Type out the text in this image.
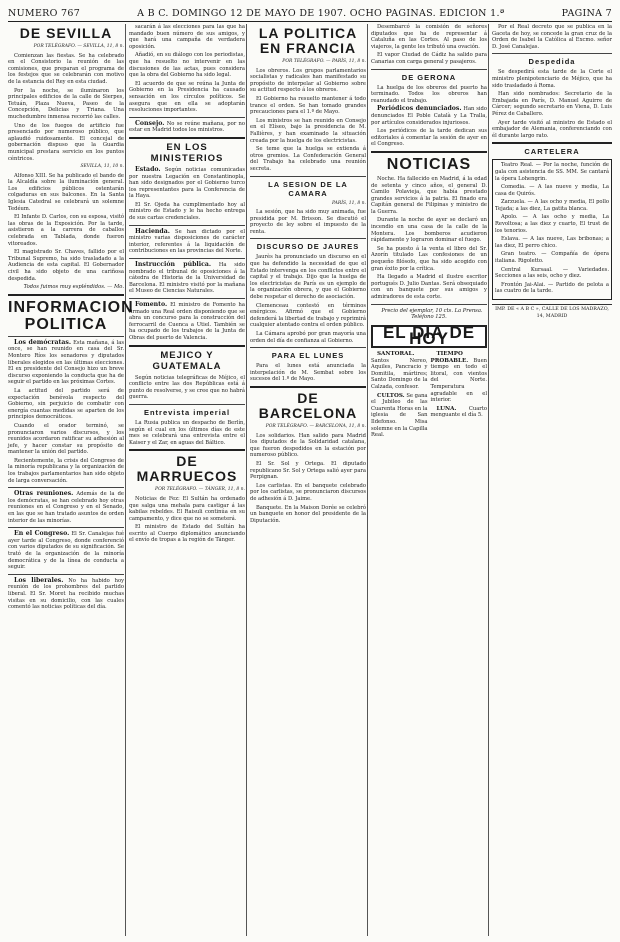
NUMERO 767	A B C. DOMINGO 12 DE MAYO DE 1907. OCHO PAGINAS. EDICION 1.ª	PAGINA 7
DE SEVILLA
POR TELÉGRAFO. — SEVILLA, 11, 8 n.

Comienzan las fiestas. Se ha celebrado en el Consistorio la reunión de las comisiones, que preparan el programa de los festejos que se celebrarán con motivo de la estancia del Rey en esta ciudad.

Por la noche, se iluminaron los principales edificios de la calle de Sierpes, Tetuán, Plaza Nueva, Paseo de la Concepción, Delicias y Triana. Una muchedumbre inmensa recorrió las calles.

Uno de los fuegos de artificio fue presenciado por numeroso público, que aplaudió ruidosamente. El concejal de gobernación dispuso que la Guardia municipal prestara servicio en los puntos céntricos.

SEVILLA, 11, 10 n.

Alfonso XIII. Se ha publicado el bando de la Alcaldía sobre la iluminación general. Los edificios públicos ostentarán colgaduras en sus balcones. En la Santa Iglesia Catedral se celebrará un solemne Tedéum.

El Infante D. Carlos, con su esposa, visitó las obras de la Exposición. Por la tarde, asistieron a la carrera de caballos celebrada en Tablada, donde fueron vitoreados.

El magistrado Sr. Chaves, fallido por el Tribunal Supremo, ha sido trasladado a la Audiencia de esta capital. El Gobernador civil ha sido objeto de una cariñosa despedida.

Todos fuimos muy espléndidos. — Mo.
INFORMACION POLITICA

Los demócratas. Esta mañana, á las once, se han reunido en casa del Sr. Montero Ríos los senadores y diputados liberales elegidos en las últimas elecciones. El ex presidente del Consejo hizo un breve discurso exponiendo la conducta que ha de seguir el partido en las próximas Cortes.

La actitud del partido será de expectación benévola respecto del Gobierno, sin perjuicio de combatir con energía cuantas medidas se aparten de los principios democráticos.

Cuando el orador terminó, se pronunciaron varios discursos, y los reunidos acordaron ratificar su adhesión al jefe, y hacer constar su propósito de mantener la unión del partido.

Recientemente, la crisis del Congreso de la minoría republicana y la organización de los trabajos parlamentarios han sido objeto de larga conversación.

Otras reuniones. Además de la de los demócratas, se han celebrado hoy otras reuniones en el Congreso y en el Senado, en las que se han tratado asuntos de orden interior de las minorías.

En el Congreso. El Sr. Canalejas fué ayer tarde al Congreso, donde conferenció con varios diputados de su significación. Se trató de la organización de la minoría democrática y de la línea de conducta a seguir.

Los liberales. No ha habido hoy reunión de los prohombres del partido liberal. El Sr. Moret ha recibido muchas visitas en su domicilio, con las cuales comentó las noticias políticas del día.

sacarán á las elecciones para las que ha mandado buen número de sus amigos, y que hará una campaña de verdadera oposición.

Añadió, en su diálogo con los periodistas, que ha resuelto no intervenir en las discusiones de las actas, pues considera que la obra del Gobierno ha sido legal.

El acuerdo de que se reúna la Junta de Gobierno en la Presidencia ha causado sensación en los círculos políticos. Se asegura que en ella se adoptarán resoluciones importantes.

Consejo. No se reúne mañana, por no estar en Madrid todos los ministros.

EN LOS MINISTERIOS

Estado. Según noticias comunicadas por nuestra Legación en Constantinopla, han sido designados por el Gobierno turco los representantes para la Conferencia de la Haya.

El Sr. Ojeda ha cumplimentado hoy al ministro de Estado y le ha hecho entrega de sus cartas credenciales.

Hacienda. Se han dictado por el ministro varias disposiciones de carácter interior, referentes á la liquidación de contribuciones en las provincias del Norte.

Instrucción pública. Ha sido nombrado el tribunal de oposiciones á la cátedra de Historia de la Universidad de Barcelona. El ministro visitó por la mañana el Museo de Ciencias Naturales.

Fomento. El ministro de Fomento ha firmado una Real orden disponiendo que se abra un concurso para la construcción del ferrocarril de Cuenca a Utiel. También se ha ocupado de los trabajos de la Junta de Obras del puerto de Valencia.

MEJICO Y GUATEMALA

Según noticias telegráficas de Méjico, el conflicto entre las dos Repúblicas está á punto de resolverse, y se cree que no habrá guerra.

Entrevista imperial

La Rusia publica un despacho de Berlín, según el cual en los últimos días de este mes se celebrará una entrevista entre el Kaiser y el Zar, en aguas del Báltico.

DE MARRUECOS
POR TELÉGRAFO. — TÁNGER, 11, 8 n.

Noticias de Fez: El Sultán ha ordenado que salga una mehala para castigar á las kabilas rebeldes. El Raisuli continúa en su campamento, y dice que no se someterá.

El ministro de Estado del Sultán ha escrito al Cuerpo diplomático anunciando el envío de tropas a la región de Tánger.

LA POLITICA EN FRANCIA
POR TELÉGRAFO. — PARÍS, 11, 8 n.

Los obreros. Los grupos parlamentarios socialistas y radicales han manifestado su propósito de interpelar al Gobierno sobre su actitud respecto á los obreros.

El Gobierno ha resuelto mantener á todo trance el orden. Se han tomado grandes precauciones para el 1.º de Mayo.

Los ministros se han reunido en Consejo en el Elíseo, bajo la presidencia de M. Fallières, y han examinado la situación creada por la huelga de los electricistas.

Se teme que la huelga se extienda á otros gremios. La Confederación General del Trabajo ha celebrado una reunión secreta.

LA SESION DE LA CAMARA
PARÍS, 11, 8 n.

La sesión, que ha sido muy animada, fue presidida por M. Brisson. Se discutió el proyecto de ley sobre el impuesto de la renta.

DISCURSO DE JAURES

Jaurès ha pronunciado un discurso en el que ha defendido la necesidad de que el Estado intervenga en los conflictos entre el capital y el trabajo. Dijo que la huelga de los electricistas de París es un ejemplo de la organización obrera, y que el Gobierno debe respetar el derecho de asociación.

Clemenceau contestó en términos enérgicos. Afirmó que el Gobierno defenderá la libertad de trabajo y reprimirá cualquier atentado contra el orden público.

La Cámara aprobó por gran mayoría una orden del día de confianza al Gobierno.

PARA EL LUNES

Para el lunes está anunciada la interpelación de M. Sembat sobre los sucesos del 1.º de Mayo.

DE BARCELONA
POR TELÉGRAFO. — BARCELONA, 11, 8 n.

Los solidarios. Han salido para Madrid los diputados de la Solidaridad catalana, que fueron despedidos en la estación por numeroso público.

El Sr. Sol y Ortega. El diputado republicano Sr. Sol y Ortega salió ayer para Perpignan.

Los carlistas. En el banquete celebrado por los carlistas, se pronunciaron discursos de adhesión á D. Jaime.

Banquete. En la Maison Dorée se celebró un banquete en honor del presidente de la Diputación.

Desembarcó la comisión de señores diputados que ha de representar á Cataluña en las Cortes. Al paso de los viajeros, la gente les tributó una ovación.

El vapor Ciudad de Cádiz ha salido para Canarias con carga general y pasajeros.

DE GERONA

La huelga de los obreros del puerto ha terminado. Todos los obreros han reanudado el trabajo.

Periódicos denunciados. Han sido denunciados El Poble Català y La Tralla, por artículos considerados injuriosos.

Los periódicos de la tarde dedican sus editoriales á comentar la sesión de ayer en el Congreso.

NOTICIAS

Noche. Ha fallecido en Madrid, á la edad de setenta y cinco años, el general D. Camilo Polavieja, que había prestado grandes servicios á la patria. El finado era Capitán general de Filipinas y ministro de la Guerra.

Durante la noche de ayer se declaró un incendio en una casa de la calle de la Montera. Los bomberos acudieron rápidamente y lograron dominar el fuego.

Se ha puesto á la venta el libro del Sr. Azorín titulado Las confesiones de un pequeño filósofo, que ha sido acogido con gran éxito por la crítica.

Ha llegado a Madrid el ilustre escritor portugués D. Julio Dantas. Será obsequiado con un banquete por sus amigos y admiradores de esta corte.

Precio del ejemplar, 10 cts. La Prensa. Teléfono 125.

EL DIA DE HOY

SANTORAL. Santos Nereo, Aquiles, Pancracio y Domitila, mártires; Santo Domingo de la Calzada, confesor.

CULTOS. Se gana el Jubileo de las Cuarenta Horas en la iglesia de San Ildefonso. Misa solemne en la Capilla Real.

TIEMPO PROBABLE. Buen tiempo en todo el litoral, con vientos del Norte. Temperatura agradable en el interior.

LUNA. Cuarto menguante el día 5.

Por el Real decreto que se publica en la Gaceta de hoy, se concede la gran cruz de la Orden de Isabel la Católica al Excmo. señor D. José Canalejas.

Despedida

Se despedirá esta tarde de la Corte el ministro plenipotenciario de Méjico, que ha sido trasladado á Roma.

Han sido nombrados: Secretario de la Embajada en París, D. Manuel Aguirre de Cárcer; segundo secretario en Viena, D. Luis Pérez de Caballero.

Ayer tarde visitó al ministro de Estado el embajador de Alemania, conferenciando con él durante largo rato.

CARTELERA

Teatro Real. — Por la noche, función de gala con asistencia de SS. MM. Se cantará la ópera Lohengrin.

Comedia. — A las nueve y media, La casa de Quirós.

Zarzuela. — A las ocho y media, El pollo Tejada; a las diez, La gatita blanca.

Apolo. — A las ocho y media, La Revoltosa; a las diez y cuarto, El trust de los tenorios.

Eslava. — A las nueve, Las bribonas; a las diez, El perro chico.

Gran teatro. — Compañía de ópera italiana. Rigoletto.

Central Kursaal. — Variedades. Secciones a las seis, ocho y diez.

Frontón Jai-Alai. — Partido de pelota a las cuatro de la tarde.

IMP. DE « A B C », CALLE DE LOS MADRAZO, 14, MADRID
